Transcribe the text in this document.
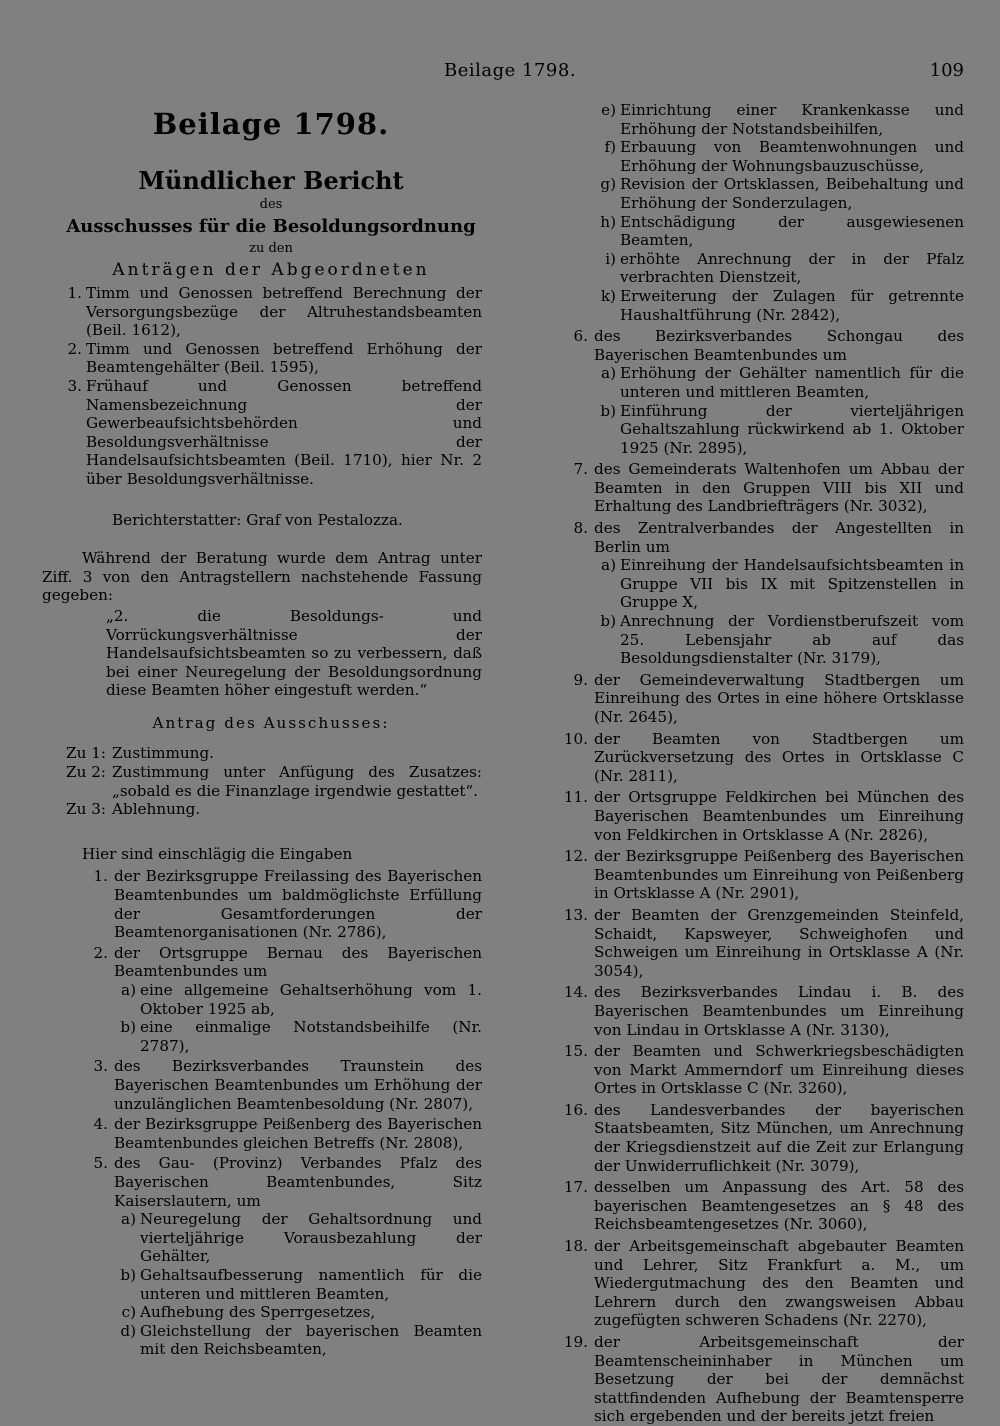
Beilage 1798.	109
Beilage 1798.
Mündlicher Bericht
des
Ausschusses für die Besoldungsordnung
zu den
Anträgen der Abgeordneten
1. Timm und Genossen betreffend Berechnung der Versorgungsbezüge der Altruhestandsbeamten (Beil. 1612),
2. Timm und Genossen betreffend Erhöhung der Beamtengehälter (Beil. 1595),
3. Frühauf und Genossen betreffend Namensbezeichnung der Gewerbeaufsichtsbehörden und Besoldungsverhältnisse der Handelsaufsichtsbeamten (Beil. 1710), hier Nr. 2 über Besoldungsverhältnisse.
Berichterstatter: Graf von Pestalozza.
Während der Beratung wurde dem Antrag unter Ziff. 3 von den Antragstellern nachstehende Fassung gegeben:
„2. die Besoldungs- und Vorrückungsverhältnisse der Handelsaufsichtsbeamten so zu verbessern, daß bei einer Neuregelung der Besoldungsordnung diese Beamten höher eingestuft werden.“
Antrag des Ausschusses:
Zu 1: Zustimmung.
Zu 2: Zustimmung unter Anfügung des Zusatzes: „sobald es die Finanzlage irgendwie gestattet“.
Zu 3: Ablehnung.
Hier sind einschlägig die Eingaben
1. der Bezirksgruppe Freilassing des Bayerischen Beamtenbundes um baldmöglichste Erfüllung der Gesamtforderungen der Beamtenorganisationen (Nr. 2786),
2. der Ortsgruppe Bernau des Bayerischen Beamtenbundes um
a) eine allgemeine Gehaltserhöhung vom 1. Oktober 1925 ab,
b) eine einmalige Notstandsbeihilfe (Nr. 2787),
3. des Bezirksverbandes Traunstein des Bayerischen Beamtenbundes um Erhöhung der unzulänglichen Beamtenbesoldung (Nr. 2807),
4. der Bezirksgruppe Peißenberg des Bayerischen Beamtenbundes gleichen Betreffs (Nr. 2808),
5. des Gau- (Provinz) Verbandes Pfalz des Bayerischen Beamtenbundes, Sitz Kaiserslautern, um
a) Neuregelung der Gehaltsordnung und vierteljährige Vorausbezahlung der Gehälter,
b) Gehaltsaufbesserung namentlich für die unteren und mittleren Beamten,
c) Aufhebung des Sperrgesetzes,
d) Gleichstellung der bayerischen Beamten mit den Reichsbeamten,
e) Einrichtung einer Krankenkasse und Erhöhung der Notstandsbeihilfen,
f) Erbauung von Beamtenwohnungen und Erhöhung der Wohnungsbauzuschüsse,
g) Revision der Ortsklassen, Beibehaltung und Erhöhung der Sonderzulagen,
h) Entschädigung der ausgewiesenen Beamten,
i) erhöhte Anrechnung der in der Pfalz verbrachten Dienstzeit,
k) Erweiterung der Zulagen für getrennte Haushaltführung (Nr. 2842),
6. des Bezirksverbandes Schongau des Bayerischen Beamtenbundes um
a) Erhöhung der Gehälter namentlich für die unteren und mittleren Beamten,
b) Einführung der vierteljährigen Gehaltszahlung rückwirkend ab 1. Oktober 1925 (Nr. 2895),
7. des Gemeinderats Waltenhofen um Abbau der Beamten in den Gruppen VIII bis XII und Erhaltung des Landbriefträgers (Nr. 3032),
8. des Zentralverbandes der Angestellten in Berlin um
a) Einreihung der Handelsaufsichtsbeamten in Gruppe VII bis IX mit Spitzenstellen in Gruppe X,
b) Anrechnung der Vordienstberufszeit vom 25. Lebensjahr ab auf das Besoldungsdienstalter (Nr. 3179),
9. der Gemeindeverwaltung Stadtbergen um Einreihung des Ortes in eine höhere Ortsklasse (Nr. 2645),
10. der Beamten von Stadtbergen um Zurückversetzung des Ortes in Ortsklasse C (Nr. 2811),
11. der Ortsgruppe Feldkirchen bei München des Bayerischen Beamtenbundes um Einreihung von Feldkirchen in Ortsklasse A (Nr. 2826),
12. der Bezirksgruppe Peißenberg des Bayerischen Beamtenbundes um Einreihung von Peißenberg in Ortsklasse A (Nr. 2901),
13. der Beamten der Grenzgemeinden Steinfeld, Schaidt, Kapsweyer, Schweighofen und Schweigen um Einreihung in Ortsklasse A (Nr. 3054),
14. des Bezirksverbandes Lindau i. B. des Bayerischen Beamtenbundes um Einreihung von Lindau in Ortsklasse A (Nr. 3130),
15. der Beamten und Schwerkriegsbeschädigten von Markt Ammerndorf um Einreihung dieses Ortes in Ortsklasse C (Nr. 3260),
16. des Landesverbandes der bayerischen Staatsbeamten, Sitz München, um Anrechnung der Kriegsdienstzeit auf die Zeit zur Erlangung der Unwiderruflichkeit (Nr. 3079),
17. desselben um Anpassung des Art. 58 des bayerischen Beamtengesetzes an § 48 des Reichsbeamtengesetzes (Nr. 3060),
18. der Arbeitsgemeinschaft abgebauter Beamten und Lehrer, Sitz Frankfurt a. M., um Wiedergutmachung des den Beamten und Lehrern durch den zwangsweisen Abbau zugefügten schweren Schadens (Nr. 2270),
19. der Arbeitsgemeinschaft der Beamtenscheininhaber in München um Besetzung der bei der demnächst stattfindenden Aufhebung der Beamtensperre sich ergebenden und der bereits jetzt freien
